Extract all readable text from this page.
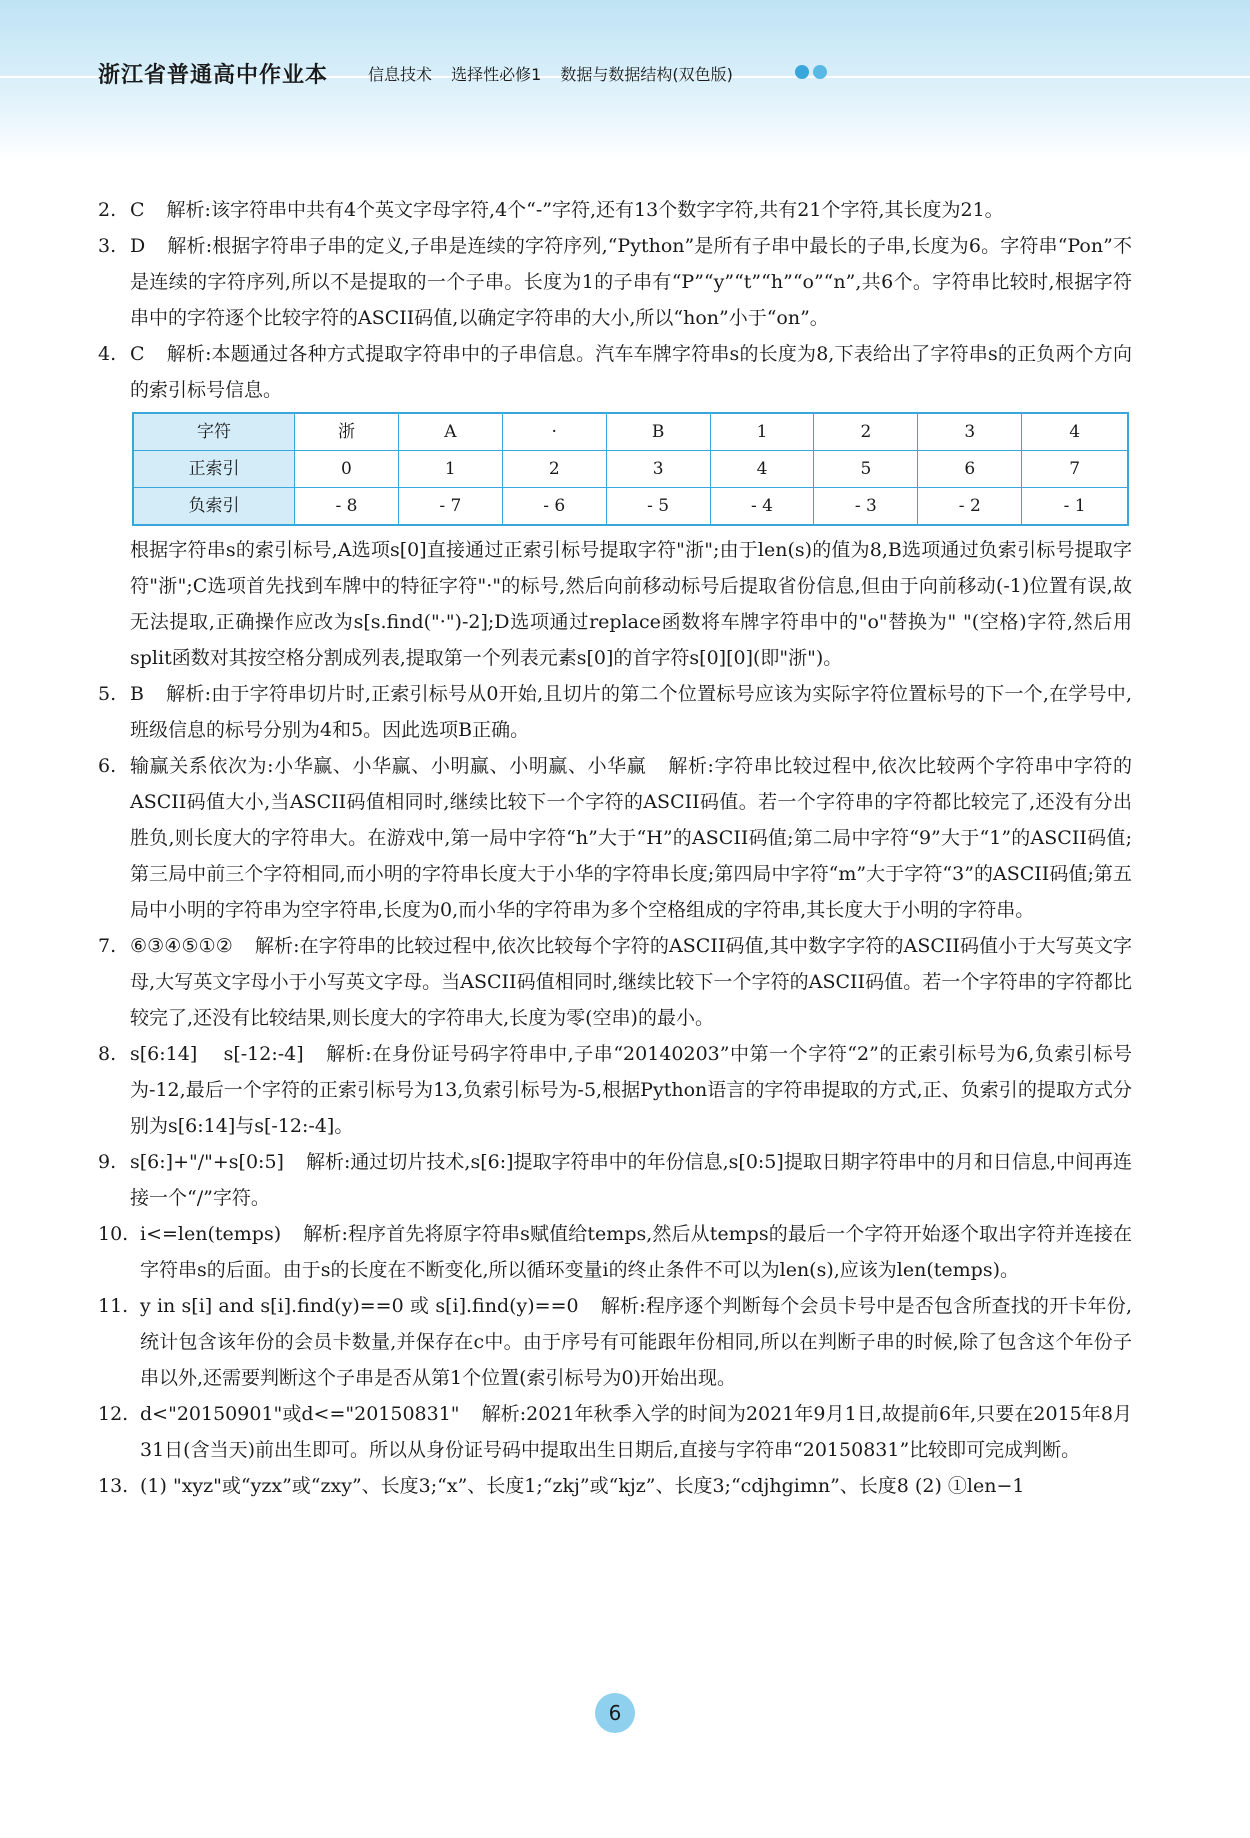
浙江省普通高中作业本 信息技术 选择性必修1 数据与数据结构(双色版)
2. C 解析:该字符串中共有4个英文字母字符,4个“-”字符,还有13个数字字符,共有21个字符,其长度为21。

3. D 解析:根据字符串子串的定义,子串是连续的字符序列,“Python”是所有子串中最长的子串,长度为6。字符串“Pon”不是连续的字符序列,所以不是提取的一个子串。长度为1的子串有“P”“y”“t”“h”“o”“n”,共6个。字符串比较时,根据字符串中的字符逐个比较字符的ASCII码值,以确定字符串的大小,所以“hon”小于“on”。

4. C 解析:本题通过各种方式提取字符串中的子串信息。汽车车牌字符串s的长度为8,下表给出了字符串s的正负两个方向的索引标号信息。

字符	浙	A	·	B	1	2	3	4
正索引	0	1	2	3	4	5	6	7
负索引	- 8	- 7	- 6	- 5	- 4	- 3	- 2	- 1

根据字符串s的索引标号,A选项s[0]直接通过正索引标号提取字符"浙";由于len(s)的值为8,B选项通过负索引标号提取字符"浙";C选项首先找到车牌中的特征字符"·"的标号,然后向前移动标号后提取省份信息,但由于向前移动(-1)位置有误,故无法提取,正确操作应改为s[s.find("·")-2];D选项通过replace函数将车牌字符串中的"o"替换为" "(空格)字符,然后用split函数对其按空格分割成列表,提取第一个列表元素s[0]的首字符s[0][0](即"浙")。

5. B 解析:由于字符串切片时,正索引标号从0开始,且切片的第二个位置标号应该为实际字符位置标号的下一个,在学号中,班级信息的标号分别为4和5。因此选项B正确。

6. 输赢关系依次为:小华赢、小华赢、小明赢、小明赢、小华赢 解析:字符串比较过程中,依次比较两个字符串中字符的ASCII码值大小,当ASCII码值相同时,继续比较下一个字符的ASCII码值。若一个字符串的字符都比较完了,还没有分出胜负,则长度大的字符串大。在游戏中,第一局中字符“h”大于“H”的ASCII码值;第二局中字符“9”大于“1”的ASCII码值;第三局中前三个字符相同,而小明的字符串长度大于小华的字符串长度;第四局中字符“m”大于字符“3”的ASCII码值;第五局中小明的字符串为空字符串,长度为0,而小华的字符串为多个空格组成的字符串,其长度大于小明的字符串。

7. ⑥③④⑤①② 解析:在字符串的比较过程中,依次比较每个字符的ASCII码值,其中数字字符的ASCII码值小于大写英文字母,大写英文字母小于小写英文字母。当ASCII码值相同时,继续比较下一个字符的ASCII码值。若一个字符串的字符都比较完了,还没有比较结果,则长度大的字符串大,长度为零(空串)的最小。

8. s[6:14]    s[-12:-4] 解析:在身份证号码字符串中,子串“20140203”中第一个字符“2”的正索引标号为6,负索引标号为-12,最后一个字符的正索引标号为13,负索引标号为-5,根据Python语言的字符串提取的方式,正、负索引的提取方式分别为s[6:14]与s[-12:-4]。

9. s[6:]+"/"+s[0:5] 解析:通过切片技术,s[6:]提取字符串中的年份信息,s[0:5]提取日期字符串中的月和日信息,中间再连接一个“/”字符。

10. i<=len(temps) 解析:程序首先将原字符串s赋值给temps,然后从temps的最后一个字符开始逐个取出字符并连接在字符串s的后面。由于s的长度在不断变化,所以循环变量i的终止条件不可以为len(s),应该为len(temps)。

11. y in s[i] and s[i].find(y)==0 或 s[i].find(y)==0 解析:程序逐个判断每个会员卡号中是否包含所查找的开卡年份,统计包含该年份的会员卡数量,并保存在c中。由于序号有可能跟年份相同,所以在判断子串的时候,除了包含这个年份子串以外,还需要判断这个子串是否从第1个位置(索引标号为0)开始出现。

12. d<"20150901"或d<="20150831" 解析:2021年秋季入学的时间为2021年9月1日,故提前6年,只要在2015年8月31日(含当天)前出生即可。所以从身份证号码中提取出生日期后,直接与字符串“20150831”比较即可完成判断。

13. (1) "xyz"或“yzx”或“zxy”、长度3;“x”、长度1;“zkj”或“kjz”、长度3;“cdjhgimn”、长度8 (2) ①len−1

6
